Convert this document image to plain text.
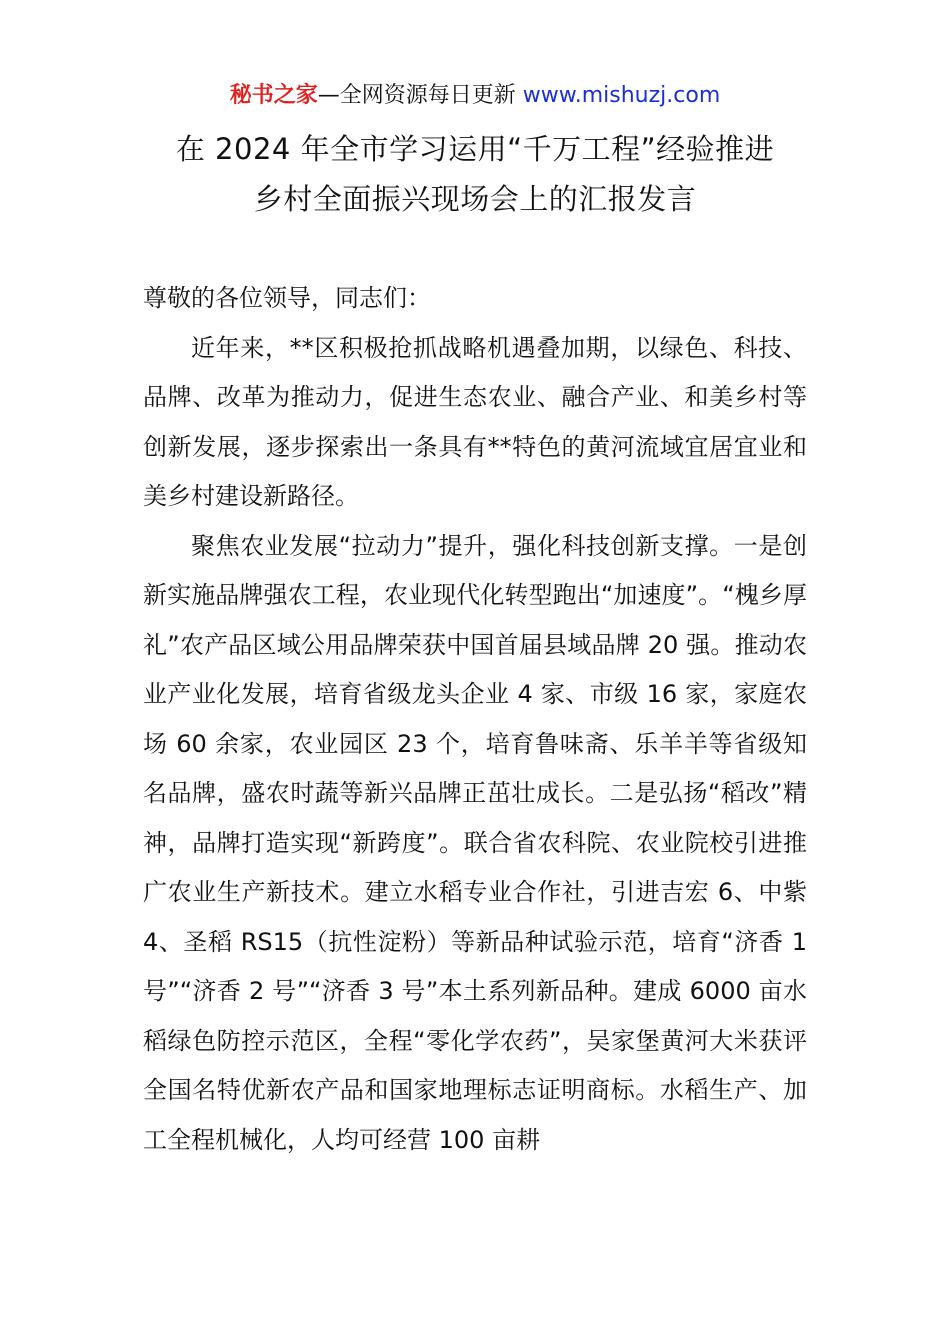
秘书之家—全网资源每日更新 www.mishuzj.com
在 2024 年全市学习运用“千万工程”经验推进
乡村全面振兴现场会上的汇报发言

尊敬的各位领导，同志们：

近年来，**区积极抢抓战略机遇叠加期，以绿色、科技、品牌、改革为推动力，促进生态农业、融合产业、和美乡村等创新发展，逐步探索出一条具有**特色的黄河流域宜居宜业和美乡村建设新路径。

聚焦农业发展“拉动力”提升，强化科技创新支撑。一是创新实施品牌强农工程，农业现代化转型跑出“加速度”。“槐乡厚礼”农产品区域公用品牌荣获中国首届县域品牌 20 强。推动农业产业化发展，培育省级龙头企业 4 家、市级 16 家，家庭农场 60 余家，农业园区 23 个，培育鲁味斋、乐羊羊等省级知名品牌，盛农时蔬等新兴品牌正茁壮成长。二是弘扬“稻改”精神，品牌打造实现“新跨度”。联合省农科院、农业院校引进推广农业生产新技术。建立水稻专业合作社，引进吉宏 6、中紫 4、圣稻 RS15（抗性淀粉）等新品种试验示范，培育“济香 1 号”“济香 2 号”“济香 3 号”本土系列新品种。建成 6000 亩水稻绿色防控示范区，全程“零化学农药”，吴家堡黄河大米获评全国名特优新农产品和国家地理标志证明商标。水稻生产、加工全程机械化，人均可经营 100 亩耕
